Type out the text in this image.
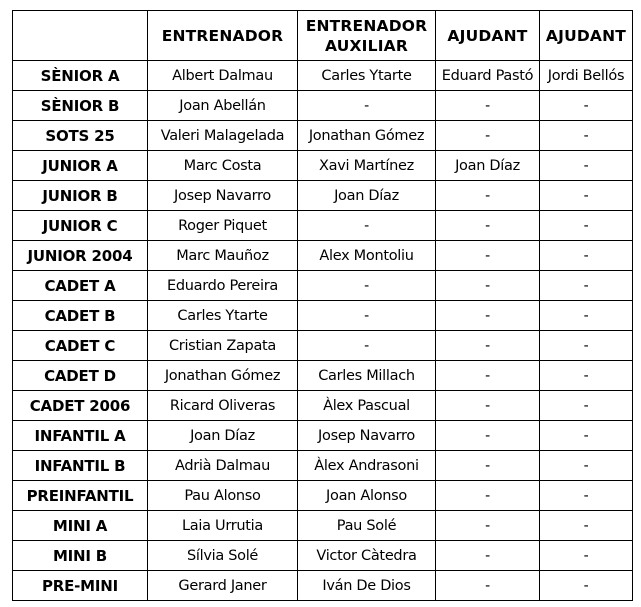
	ENTRENADOR	ENTRENADOR AUXILIAR	AJUDANT	AJUDANT
SÈNIOR A	Albert Dalmau	Carles Ytarte	Eduard Pastó	Jordi Bellós
SÈNIOR B	Joan Abellán	-	-	-
SOTS 25	Valeri Malagelada	Jonathan Gómez	-	-
JUNIOR A	Marc Costa	Xavi Martínez	Joan Díaz	-
JUNIOR B	Josep Navarro	Joan Díaz	-	-
JUNIOR C	Roger Piquet	-	-	-
JUNIOR 2004	Marc Mauñoz	Alex Montoliu	-	-
CADET A	Eduardo Pereira	-	-	-
CADET B	Carles Ytarte	-	-	-
CADET C	Cristian Zapata	-	-	-
CADET D	Jonathan Gómez	Carles Millach	-	-
CADET 2006	Ricard Oliveras	Àlex Pascual	-	-
INFANTIL A	Joan Díaz	Josep Navarro	-	-
INFANTIL B	Adrià Dalmau	Àlex Andrasoni	-	-
PREINFANTIL	Pau Alonso	Joan Alonso	-	-
MINI A	Laia Urrutia	Pau Solé	-	-
MINI B	Sílvia Solé	Victor Càtedra	-	-
PRE-MINI	Gerard Janer	Iván De Dios	-	-
